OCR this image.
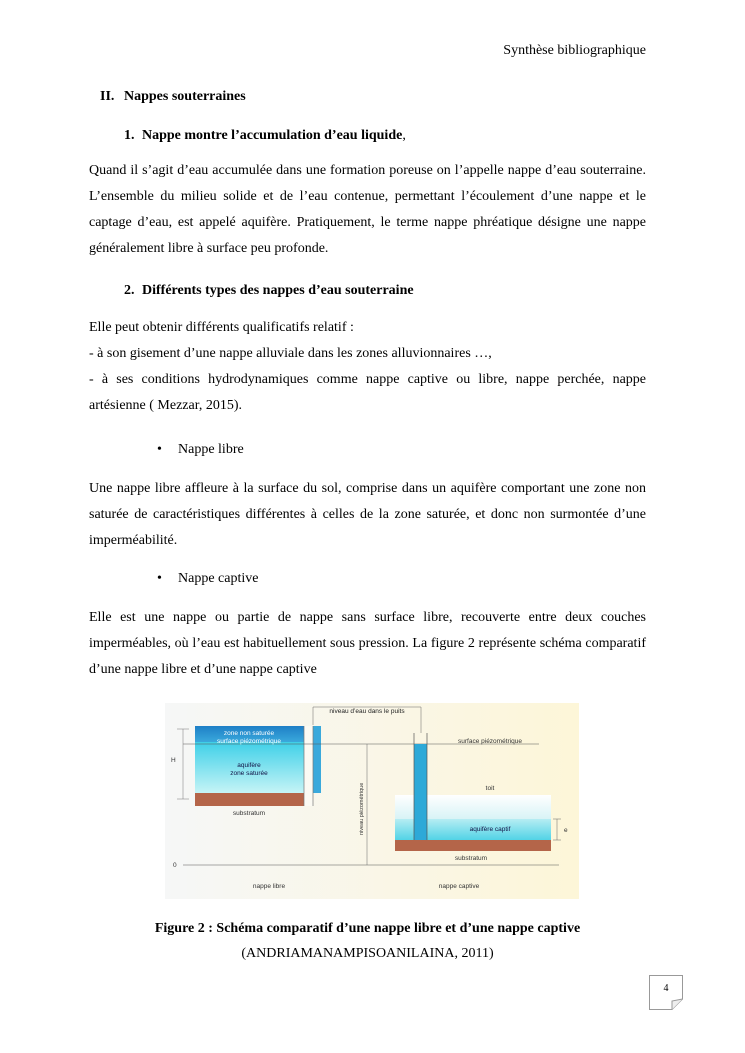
Synthèse bibliographique
II. Nappes souterraines
1. Nappe montre l’accumulation d’eau liquide,

Quand il s’agit d’eau accumulée dans une formation poreuse on l’appelle nappe d’eau souterraine. L’ensemble du milieu solide et de l’eau contenue, permettant l’écoulement d’une nappe et le captage d’eau, est appelé aquifère. Pratiquement, le terme nappe phréatique désigne une nappe généralement libre à surface peu profonde.

2. Différents types des nappes d’eau souterraine
Elle peut obtenir différents qualificatifs relatif :
- à son gisement d’une nappe alluviale dans les zones alluvionnaires …,
- à ses conditions hydrodynamiques comme nappe captive ou libre, nappe perchée, nappe
artésienne ( Mezzar, 2015).
• Nappe libre

Une nappe libre affleure à la surface du sol, comprise dans un aquifère comportant une zone non saturée de caractéristiques différentes à celles de la zone saturée, et donc non surmontée d’une imperméabilité.

• Nappe captive

Elle est une nappe ou partie de nappe sans surface libre, recouverte entre deux couches imperméables, où l’eau est habituellement sous pression. La figure 2 représente schéma comparatif d’une nappe libre et d’une nappe captive

niveau d’eau dans le puits
zone non saturée
surface piézométrique
aquifère
zone saturée
H
substratum
0
nappe libre
niveau piézométrique
surface piézométrique
toit
aquifère captif	e
substratum
nappe captive
Figure 2 : Schéma comparatif d’une nappe libre et d’une nappe captive
(ANDRIAMANAMPISOANILAINA, 2011)
4
